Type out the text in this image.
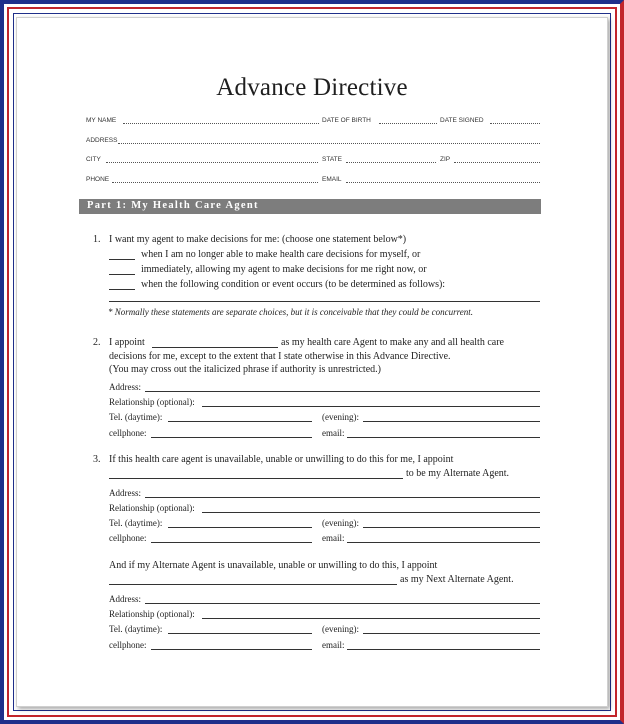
Advance Directive
MY NAME	DATE OF BIRTH	DATE SIGNED
ADDRESS
CITY	STATE	ZIP
PHONE	EMAIL
Part 1: My Health Care Agent
1. I want my agent to make decisions for me: (choose one statement below*)
when I am no longer able to make health care decisions for myself, or
immediately, allowing my agent to make decisions for me right now, or
when the following condition or event occurs (to be determined as follows):
* Normally these statements are separate choices, but it is conceivable that they could be concurrent.
2. I appoint	as my health care Agent to make any and all health care
decisions for me, except to the extent that I state otherwise in this Advance Directive.
(You may cross out the italicized phrase if authority is unrestricted.)
Address:
Relationship (optional):
Tel. (daytime):	(evening):
cellphone:	email:
3. If this health care agent is unavailable, unable or unwilling to do this for me, I appoint
to be my Alternate Agent.
Address:
Relationship (optional):
Tel. (daytime):	(evening):
cellphone:	email:
And if my Alternate Agent is unavailable, unable or unwilling to do this, I appoint
as my Next Alternate Agent.
Address:
Relationship (optional):
Tel. (daytime):	(evening):
cellphone:	email:
